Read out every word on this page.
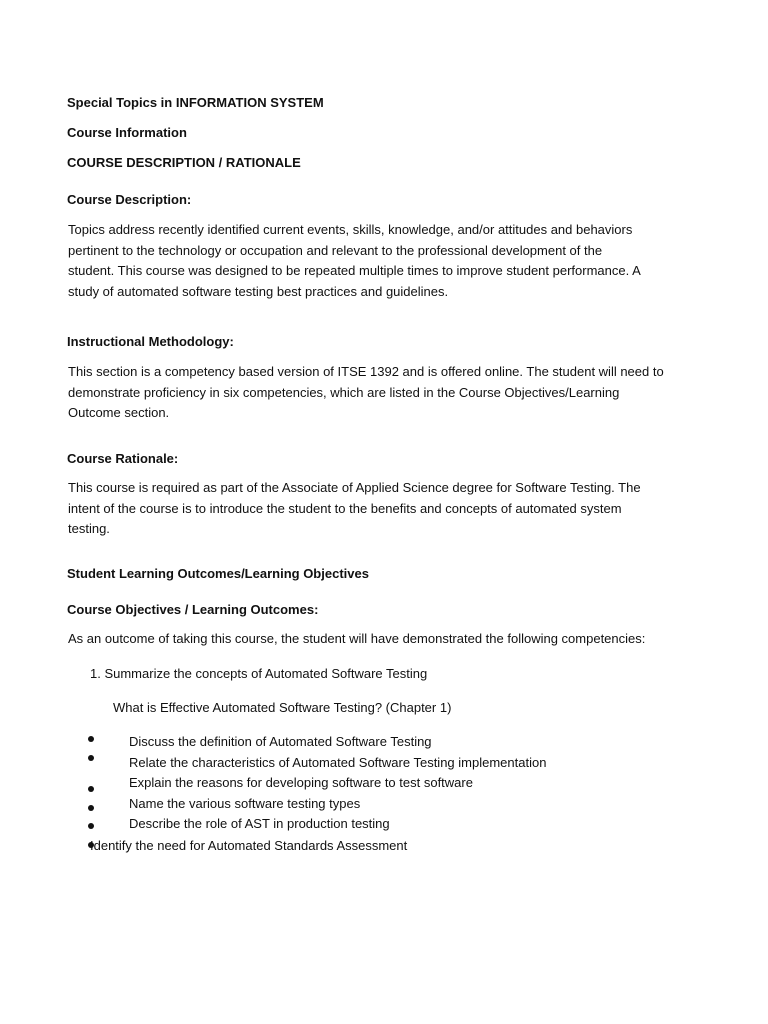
Special Topics in INFORMATION SYSTEM

Course Information

COURSE DESCRIPTION / RATIONALE

Course Description:

Topics address recently identified current events, skills, knowledge, and/or attitudes and behaviors
pertinent to the technology or occupation and relevant to the professional development of the
student. This course was designed to be repeated multiple times to improve student performance. A
study of automated software testing best practices and guidelines.

Instructional Methodology:

This section is a competency based version of ITSE 1392 and is offered online. The student will need to
demonstrate proficiency in six competencies, which are listed in the Course Objectives/Learning
Outcome section.

Course Rationale:

This course is required as part of the Associate of Applied Science degree for Software Testing. The
intent of the course is to introduce the student to the benefits and concepts of automated system
testing.

Student Learning Outcomes/Learning Objectives

Course Objectives / Learning Outcomes:

As an outcome of taking this course, the student will have demonstrated the following competencies:

1. Summarize the concepts of Automated Software Testing

What is Effective Automated Software Testing? (Chapter 1)

Discuss the definition of Automated Software Testing
Relate the characteristics of Automated Software Testing implementation
Explain the reasons for developing software to test software
Name the various software testing types
Describe the role of AST in production testing

Identify the need for Automated Standards Assessment
